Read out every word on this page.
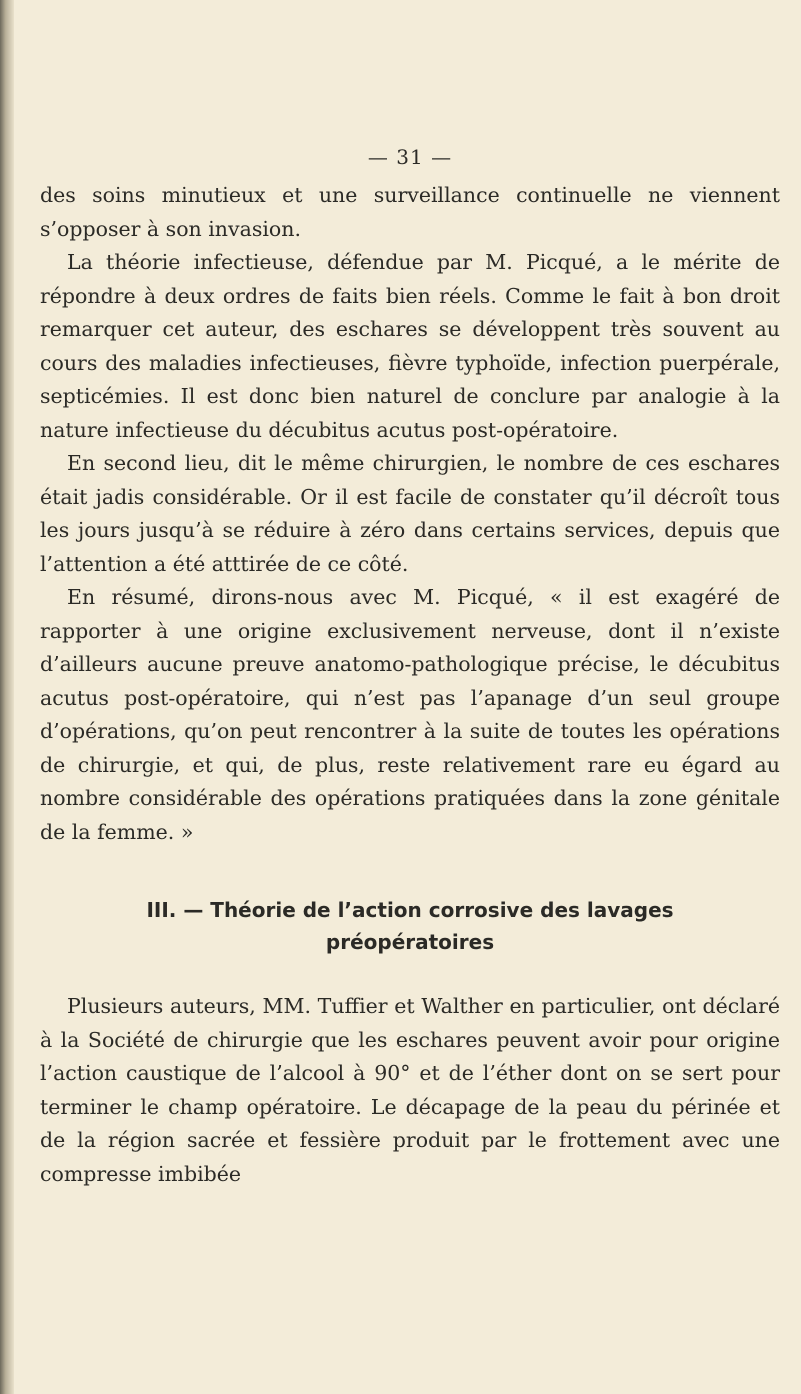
— 31 —

des soins minutieux et une surveillance continuelle ne viennent s’opposer à son invasion.

La théorie infectieuse, défendue par M. Picqué, a le mérite de répondre à deux ordres de faits bien réels. Comme le fait à bon droit remarquer cet auteur, des eschares se développent très souvent au cours des maladies infectieuses, fièvre typhoïde, infection puerpérale, septicémies. Il est donc bien naturel de conclure par analogie à la nature infectieuse du décubitus acutus post-opératoire.

En second lieu, dit le même chirurgien, le nombre de ces eschares était jadis considérable. Or il est facile de constater qu’il décroît tous les jours jusqu’à se réduire à zéro dans certains services, depuis que l’attention a été atttirée de ce côté.

En résumé, dirons-nous avec M. Picqué, « il est exagéré de rapporter à une origine exclusivement nerveuse, dont il n’existe d’ailleurs aucune preuve anatomo-pathologique précise, le décubitus acutus post-opératoire, qui n’est pas l’apanage d’un seul groupe d’opérations, qu’on peut rencontrer à la suite de toutes les opérations de chirurgie, et qui, de plus, reste relativement rare eu égard au nombre considérable des opérations pratiquées dans la zone génitale de la femme. »

III. — Théorie de l’action corrosive des lavages
préopératoires

Plusieurs auteurs, MM. Tuffier et Walther en particulier, ont déclaré à la Société de chirurgie que les eschares peuvent avoir pour origine l’action caustique de l’alcool à 90° et de l’éther dont on se sert pour terminer le champ opératoire. Le décapage de la peau du périnée et de la région sacrée et fessière produit par le frottement avec une compresse imbibée
